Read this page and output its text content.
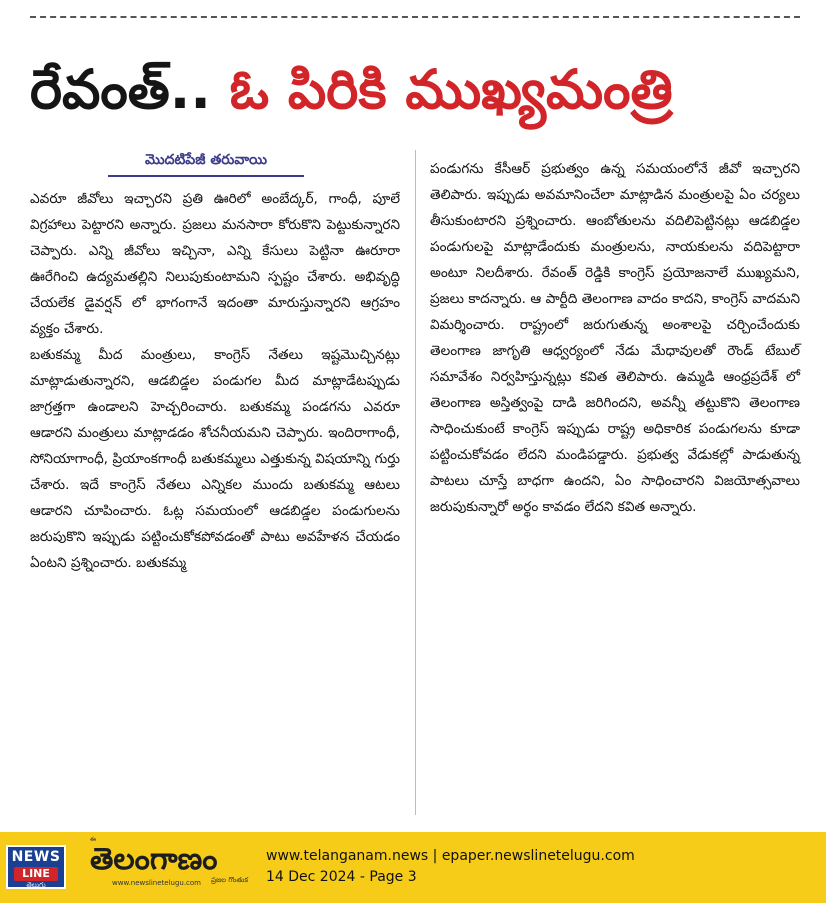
రేవంత్.. ఓ పిరికి ముఖ్యమంత్రి
మొదటిపేజీ తరువాయి

ఎవరూ జీవోలు ఇచ్చారని ప్రతి ఊరిలో అంబేద్కర్, గాంధీ, పూలే విగ్రహాలు పెట్టారని అన్నారు. ప్రజలు మనసారా కోరుకొని పెట్టుకున్నారని చెప్పారు. ఎన్ని జీవోలు ఇచ్చినా, ఎన్ని కేసులు పెట్టినా ఊరూరా ఊరేగించి ఉద్యమతల్లిని నిలుపుకుంటామని స్పష్టం చేశారు. అభివృద్ధి చేయలేక డైవర్షన్ లో భాగంగానే ఇదంతా మారుస్తున్నారని ఆగ్రహం వ్యక్తం చేశారు.

బతుకమ్మ మీద మంత్రులు, కాంగ్రెస్ నేతలు ఇష్టమొచ్చినట్లు మాట్లాడుతున్నారని, ఆడబిడ్డల పండుగల మీద మాట్లాడేటప్పుడు జాగ్రత్తగా ఉండాలని హెచ్చరించారు. బతుకమ్మ పండగను ఎవరూ ఆడారని మంత్రులు మాట్లాడడం శోచనీయమని చెప్పారు. ఇందిరాగాంధీ, సోనియాగాంధీ, ప్రియాంకగాంధీ బతుకమ్మలు ఎత్తుకున్న విషయాన్ని గుర్తు చేశారు. ఇదే కాంగ్రెస్ నేతలు ఎన్నికల ముందు బతుకమ్మ ఆటలు ఆడారని చూపించారు. ఓట్ల సమయంలో ఆడబిడ్డల పండుగులను జరుపుకొని ఇప్పుడు పట్టించుకోకపోవడంతో పాటు అవహేళన చేయడం ఏంటని ప్రశ్నించారు. బతుకమ్మ

పండుగను కేసీఆర్ ప్రభుత్వం ఉన్న సమయంలోనే జీవో ఇచ్చారని తెలిపారు. ఇప్పుడు అవమానించేలా మాట్లాడిన మంత్రులపై ఏం చర్యలు తీసుకుంటారని ప్రశ్నించారు. ఆంబోతులను వదిలిపెట్టినట్లు ఆడబిడ్డల పండుగులపై మాట్లాడేందుకు మంత్రులను, నాయకులను వదిపెట్టారా అంటూ నిలదీశారు. రేవంత్ రెడ్డికి కాంగ్రెస్ ప్రయోజనాలే ముఖ్యమని, ప్రజలు కాదన్నారు. ఆ పార్టీది తెలంగాణ వాదం కాదని, కాంగ్రెస్ వాదమని విమర్శించారు. రాష్ట్రంలో జరుగుతున్న అంశాలపై చర్చించేందుకు తెలంగాణ జాగృతి ఆధ్వర్యంలో నేడు మేధావులతో రౌండ్ టేబుల్ సమావేశం నిర్వహిస్తున్నట్లు కవిత తెలిపారు. ఉమ్మడి ఆంధ్రప్రదేశ్ లో తెలంగాణ అస్తిత్వంపై దాడి జరిగిందని, అవన్నీ తట్టుకొని తెలంగాణ సాధించుకుంటే కాంగ్రెస్ ఇప్పుడు రాష్ట్ర అధికారిక పండుగలను కూడా పట్టించుకోవడం లేదని మండిపడ్డారు. ప్రభుత్వ వేడుకల్లో పాడుతున్న పాటలు చూస్తే బాధగా ఉందని, ఏం సాధించారని విజయోత్సవాలు జరుపుకున్నారో అర్థం కావడం లేదని కవిత అన్నారు.

NEWS
LINE
తెలుగు
ఈ
తెలంగాణం
www.newslinetelugu.com	ప్రజల గొంతుక
www.telanganam.news | epaper.newslinetelugu.com
14 Dec 2024 - Page 3
